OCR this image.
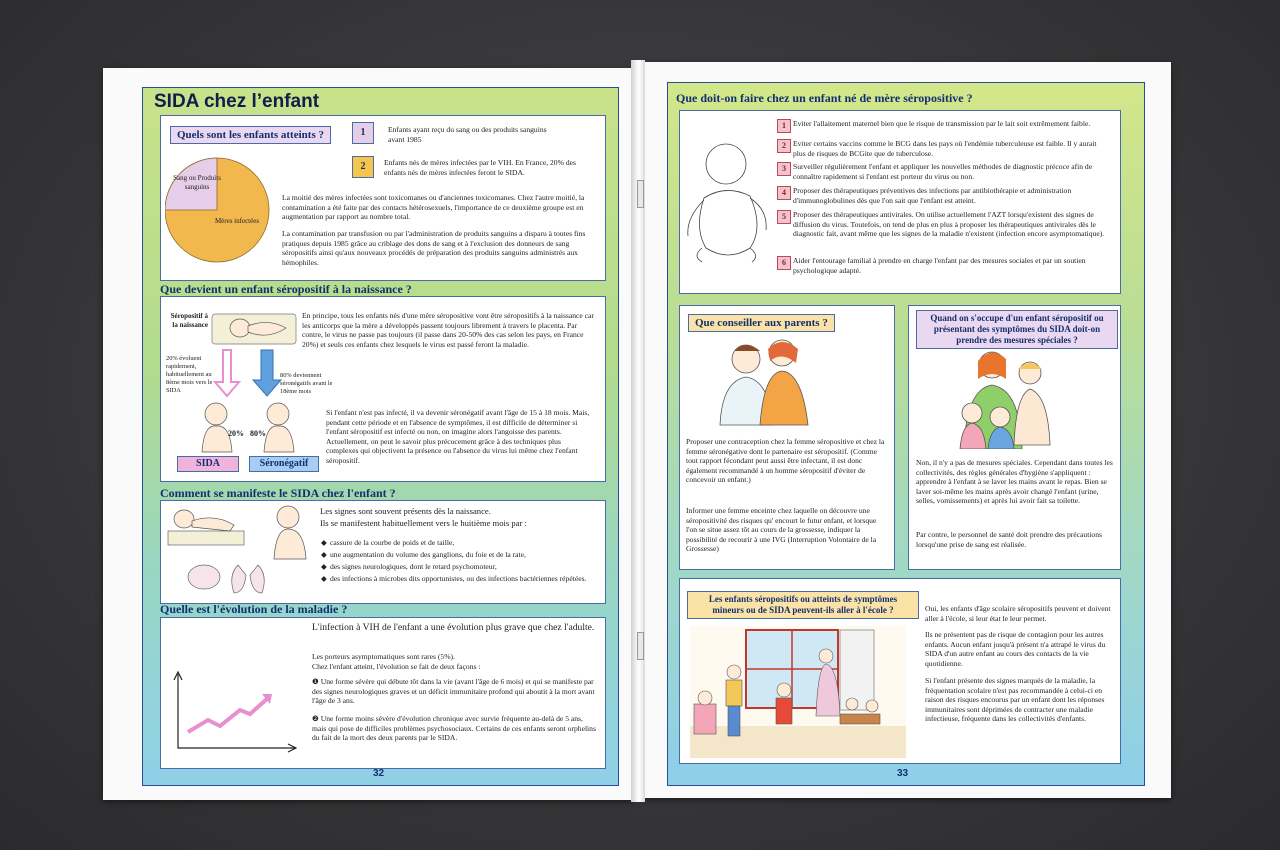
SIDA chez l’enfant
Quels sont les enfants atteints ?	1	Enfants ayant reçu du sang ou des produits sanguins avant 1985
2	Enfants nés de mères infectées par le VIH. En France, 20% des enfants nés de mères infectées feront le SIDA.
Sang ou Produits sanguins
Mères infectées
La moitié des mères infectées sont toxicomanes ou d'anciennes toxicomanes. Chez l'autre moitié, la contamination a été faite par des contacts hétérosexuels, l'importance de ce deuxième groupe est en augmentation par rapport au nombre total.
La contamination par transfusion ou par l'administration de produits sanguins a disparu à toutes fins pratiques depuis 1985 grâce au criblage des dons de sang et à l'exclusion des donneurs de sang séropositifs ainsi qu'aux nouveaux procédés de préparation des produits sanguins administrés aux hémophiles.
Que devient un enfant séropositif à la naissance ?
Séropositif à la naissance
20% évoluent rapidement, habituellement au 8ème mois vers le SIDA
80% deviennent séronégatifs avant le 18ème mois
20% 80%
SIDA	Séronégatif
En principe, tous les enfants nés d'une mère séropositive vont être séropositifs à la naissance car les anticorps que la mère a développés passent toujours librement à travers le placenta. Par contre, le virus ne passe pas toujours (il passe dans 20-50% des cas selon les pays, en France 20%) et seuls ces enfants chez lesquels le virus est passé feront la maladie.
Si l'enfant n'est pas infecté, il va devenir séronégatif avant l'âge de 15 à 18 mois. Mais, pendant cette période et en l'absence de symptômes, il est difficile de déterminer si l'enfant séropositif est infecté ou non, on imagine alors l'angoisse des parents. Actuellement, on peut le savoir plus précocement grâce à des techniques plus complexes qui objectivent la présence ou l'absence du virus lui même chez l'enfant séropositif.
Comment se manifeste le SIDA chez l'enfant ?
Les signes sont souvent présents dès la naissance.
Ils se manifestent habituellement vers le huitième mois par :
◆ cassure de la courbe de poids et de taille,
◆ une augmentation du volume des ganglions, du foie et de la rate,
◆ des signes neurologiques, dont le retard psychomoteur,
◆ des infections à microbes dits opportunistes, ou des infections bactériennes répétées.
Quelle est l'évolution de la maladie ?
L'infection à VIH de l'enfant a une évolution plus grave que chez l'adulte.
Les porteurs asymptomatiques sont rares (5%).
Chez l'enfant atteint, l'évolution se fait de deux façons :
❶ Une forme sévère qui débute tôt dans la vie (avant l'âge de 6 mois) et qui se manifeste par des signes neurologiques graves et un déficit immunitaire profond qui aboutit à la mort avant l'âge de 3 ans.
❷ Une forme moins sévère d'évolution chronique avec survie fréquente au-delà de 5 ans, mais qui pose de difficiles problèmes psychosociaux. Certains de ces enfants seront orphelins du fait de la mort des deux parents par le SIDA.
32
Que doit-on faire chez un enfant né de mère séropositive ?
1 Eviter l'allaitement maternel bien que le risque de transmission par le lait soit extrêmement faible.
2 Eviter certains vaccins comme le BCG dans les pays où l'endémie tuberculeuse est faible. Il y aurait plus de risques de BCGite que de tuberculose.
3 Surveiller régulièrement l'enfant et appliquer les nouvelles méthodes de diagnostic précoce afin de connaître rapidement si l'enfant est porteur du virus ou non.
4 Proposer des thérapeutiques préventives des infections par antibiothérapie et administration d'immunoglobulines dès que l'on sait que l'enfant est atteint.
5 Proposer des thérapeutiques antivirales. On utilise actuellement l'AZT lorsqu'existent des signes de diffusion du virus. Toutefois, on tend de plus en plus à proposer les thérapeutiques antivirales dès le diagnostic fait, avant même que les signes de la maladie n'existent (infection encore asymptomatique).
6 Aider l'entourage familial à prendre en charge l'enfant par des mesures sociales et par un soutien psychologique adapté.
Que conseiller aux parents ?
Proposer une contraception chez la femme séropositive et chez la femme séronégative dont le partenaire est séropositif. (Comme tout rapport fécondant peut aussi être infectant, il est donc également recommandé à un homme séropositif d'éviter de concevoir un enfant.)
Informer une femme enceinte chez laquelle on découvre une séropositivité des risques qu' encourt le futur enfant, et lorsque l'on se situe assez tôt au cours de la grossesse, indiquer la possibilité de recourir à une IVG (Interruption Volontaire de la Grossesse)
Quand on s'occupe d'un enfant séropositif ou présentant des symptômes du SIDA doit-on prendre des mesures spéciales ?
Non, il n'y a pas de mesures spéciales. Cependant dans toutes les collectivités, des règles générales d'hygiène s'appliquent : apprendre à l'enfant à se laver les mains avant le repas. Bien se laver soi-même les mains après avoir changé l'enfant (urine, selles, vomissements) et après lui avoir fait sa toilette.
Par contre, le personnel de santé doit prendre des précautions lorsqu'une prise de sang est réalisée.
Les enfants séropositifs ou atteints de symptômes mineurs ou de SIDA peuvent-ils aller à l'école ?	Oui, les enfants d'âge scolaire séropositifs peuvent et doivent aller à l'école, si leur état le leur permet.
Ils ne présentent pas de risque de contagion pour les autres enfants. Aucun enfant jusqu'à présent n'a attrapé le virus du SIDA d'un autre enfant au cours des contacts de la vie quotidienne.
Si l'enfant présente des signes marqués de la maladie, la fréquentation scolaire n'est pas recommandée à celui-ci en raison des risques encourus par un enfant dont les réponses immunitaires sont déprimées de contracter une maladie infectieuse, fréquente dans les collectivités d'enfants.
33
